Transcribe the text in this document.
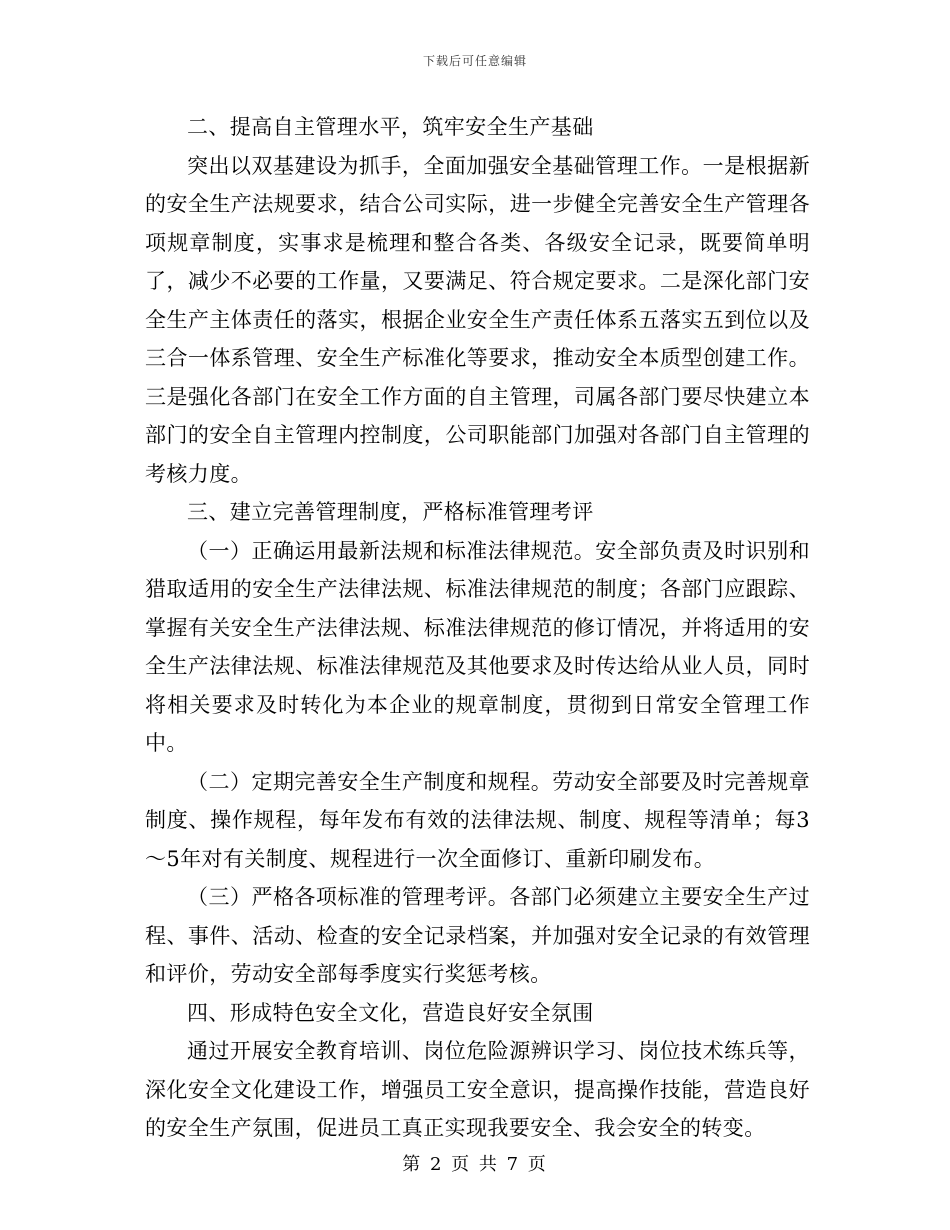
下载后可任意编辑

二、提高自主管理水平，筑牢安全生产基础

突出以双基建设为抓手，全面加强安全基础管理工作。一是根据新的安全生产法规要求，结合公司实际，进一步健全完善安全生产管理各项规章制度，实事求是梳理和整合各类、各级安全记录，既要简单明了，减少不必要的工作量，又要满足、符合规定要求。二是深化部门安全生产主体责任的落实，根据企业安全生产责任体系五落实五到位以及三合一体系管理、安全生产标准化等要求，推动安全本质型创建工作。三是强化各部门在安全工作方面的自主管理，司属各部门要尽快建立本部门的安全自主管理内控制度，公司职能部门加强对各部门自主管理的考核力度。

三、建立完善管理制度，严格标准管理考评

（一）正确运用最新法规和标准法律规范。安全部负责及时识别和猎取适用的安全生产法律法规、标准法律规范的制度；各部门应跟踪、掌握有关安全生产法律法规、标准法律规范的修订情况，并将适用的安全生产法律法规、标准法律规范及其他要求及时传达给从业人员，同时将相关要求及时转化为本企业的规章制度，贯彻到日常安全管理工作中。

（二）定期完善安全生产制度和规程。劳动安全部要及时完善规章制度、操作规程，每年发布有效的法律法规、制度、规程等清单；每3～5年对有关制度、规程进行一次全面修订、重新印刷发布。

（三）严格各项标准的管理考评。各部门必须建立主要安全生产过程、事件、活动、检查的安全记录档案，并加强对安全记录的有效管理和评价，劳动安全部每季度实行奖惩考核。

四、形成特色安全文化，营造良好安全氛围

通过开展安全教育培训、岗位危险源辨识学习、岗位技术练兵等，深化安全文化建设工作，增强员工安全意识，提高操作技能，营造良好的安全生产氛围，促进员工真正实现我要安全、我会安全的转变。

第 2 页 共 7 页
